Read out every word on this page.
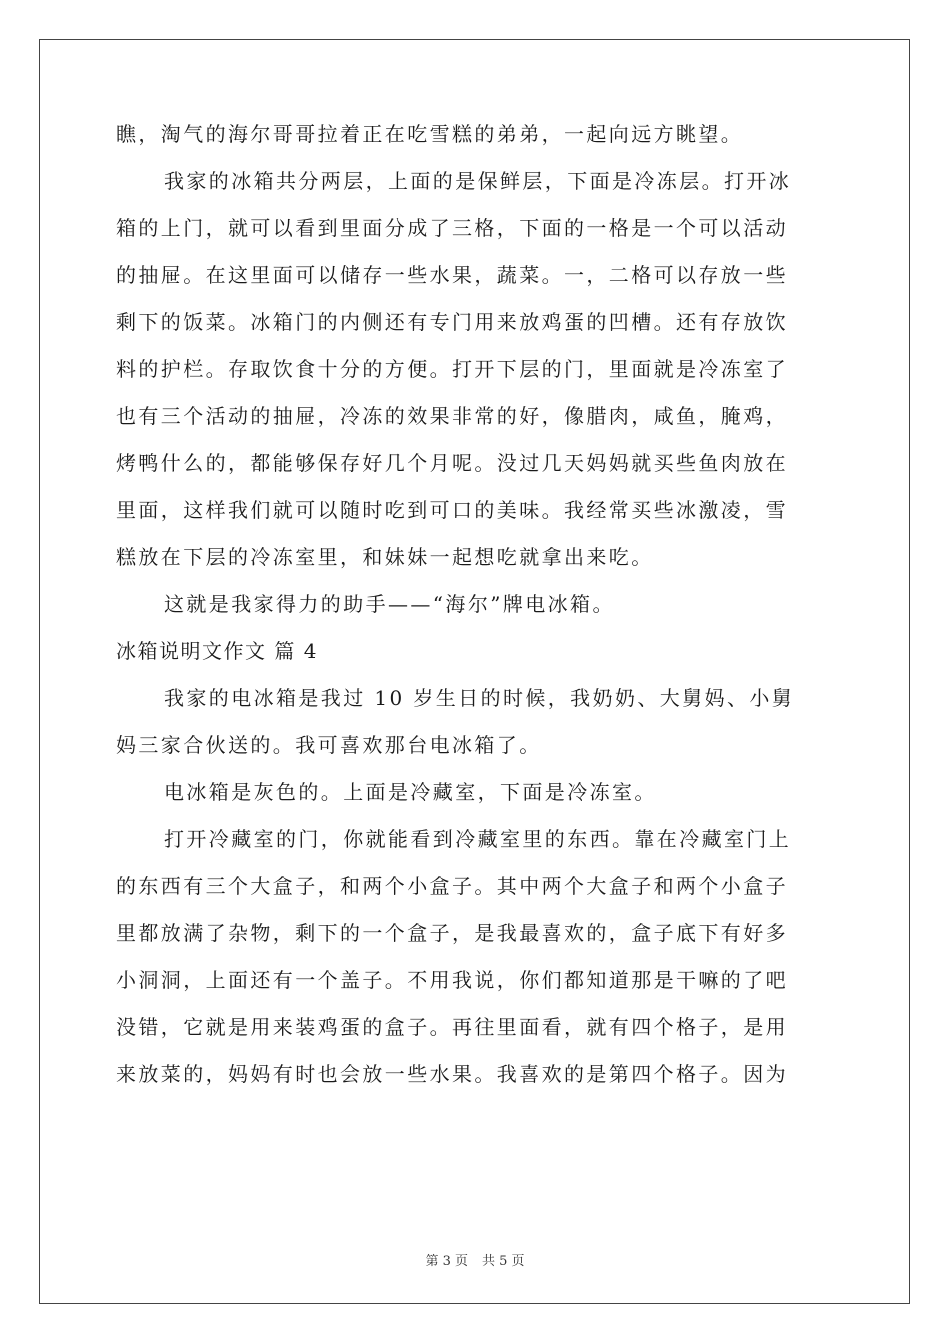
瞧，淘气的海尔哥哥拉着正在吃雪糕的弟弟，一起向远方眺望。

我家的冰箱共分两层，上面的是保鲜层，下面是冷冻层。打开冰

箱的上门，就可以看到里面分成了三格，下面的一格是一个可以活动

的抽屉。在这里面可以储存一些水果，蔬菜。一，二格可以存放一些

剩下的饭菜。冰箱门的内侧还有专门用来放鸡蛋的凹槽。还有存放饮

料的护栏。存取饮食十分的方便。打开下层的门，里面就是冷冻室了

也有三个活动的抽屉，冷冻的效果非常的好，像腊肉，咸鱼，腌鸡，

烤鸭什么的，都能够保存好几个月呢。没过几天妈妈就买些鱼肉放在

里面，这样我们就可以随时吃到可口的美味。我经常买些冰激凌，雪

糕放在下层的冷冻室里，和妹妹一起想吃就拿出来吃。

这就是我家得力的助手——“海尔”牌电冰箱。

冰箱说明文作文 篇 4

我家的电冰箱是我过 10 岁生日的时候，我奶奶、大舅妈、小舅

妈三家合伙送的。我可喜欢那台电冰箱了。

电冰箱是灰色的。上面是冷藏室，下面是冷冻室。

打开冷藏室的门，你就能看到冷藏室里的东西。靠在冷藏室门上

的东西有三个大盒子，和两个小盒子。其中两个大盒子和两个小盒子

里都放满了杂物，剩下的一个盒子，是我最喜欢的，盒子底下有好多

小洞洞，上面还有一个盖子。不用我说，你们都知道那是干嘛的了吧

没错，它就是用来装鸡蛋的盒子。再往里面看，就有四个格子，是用

来放菜的，妈妈有时也会放一些水果。我喜欢的是第四个格子。因为

第 3 页 共 5 页
